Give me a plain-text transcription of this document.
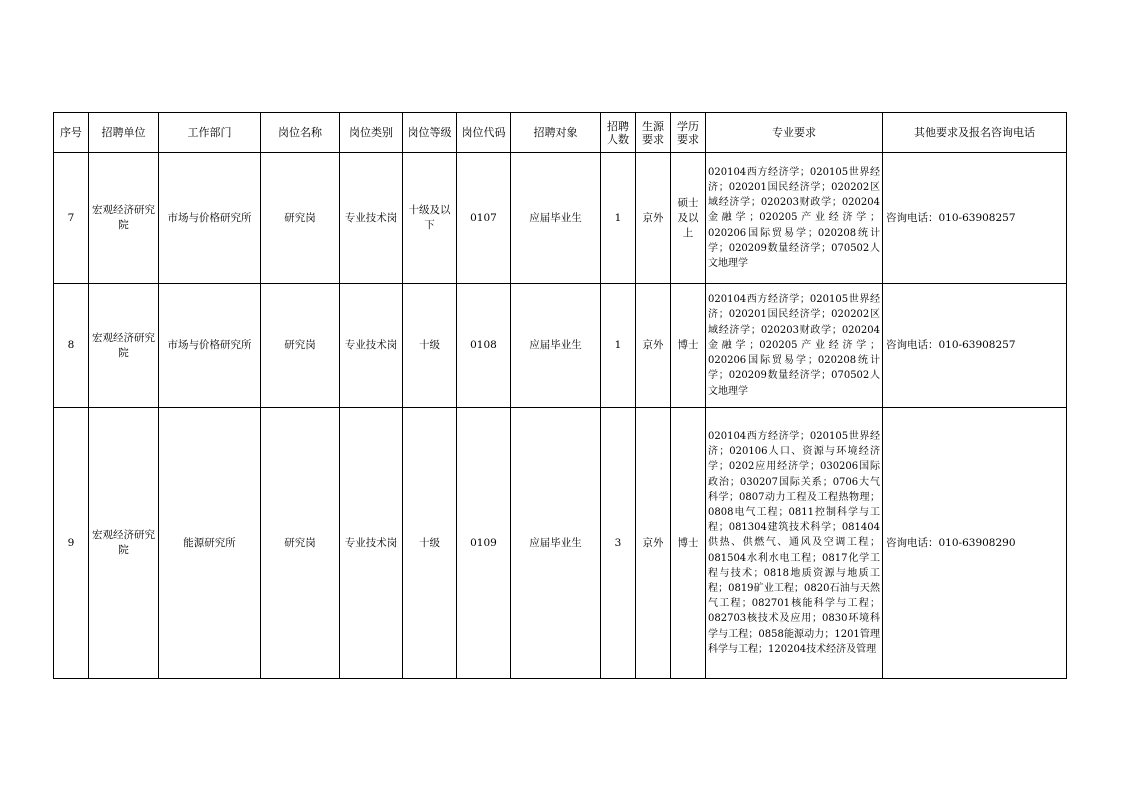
序号	招聘单位	工作部门	岗位名称	岗位类别	岗位等级	岗位代码	招聘对象	招聘人数	生源要求	学历要求	专业要求	其他要求及报名咨询电话
7	宏观经济研究院	市场与价格研究所	研究岗	专业技术岗	十级及以下	0107	应届毕业生	1	京外	硕士及以上	020104西方经济学；020105世界经济；020201国民经济学；020202区域经济学；020203财政学；020204金融学；020205产业经济学；020206国际贸易学；020208统计学；020209数量经济学；070502人文地理学	咨询电话：010-63908257
8	宏观经济研究院	市场与价格研究所	研究岗	专业技术岗	十级	0108	应届毕业生	1	京外	博士	020104西方经济学；020105世界经济；020201国民经济学；020202区域经济学；020203财政学；020204金融学；020205产业经济学；020206国际贸易学；020208统计学；020209数量经济学；070502人文地理学	咨询电话：010-63908257
9	宏观经济研究院	能源研究所	研究岗	专业技术岗	十级	0109	应届毕业生	3	京外	博士	020104西方经济学；020105世界经济；020106人口、资源与环境经济学；0202应用经济学；030206国际政治；030207国际关系；0706大气科学；0807动力工程及工程热物理；0808电气工程；0811控制科学与工程；081304建筑技术科学；081404供热、供燃气、通风及空调工程；081504水利水电工程；0817化学工程与技术；0818地质资源与地质工程；0819矿业工程；0820石油与天然气工程；082701核能科学与工程；082703核技术及应用；0830环境科学与工程；0858能源动力；1201管理科学与工程；120204技术经济及管理	咨询电话：010-63908290
